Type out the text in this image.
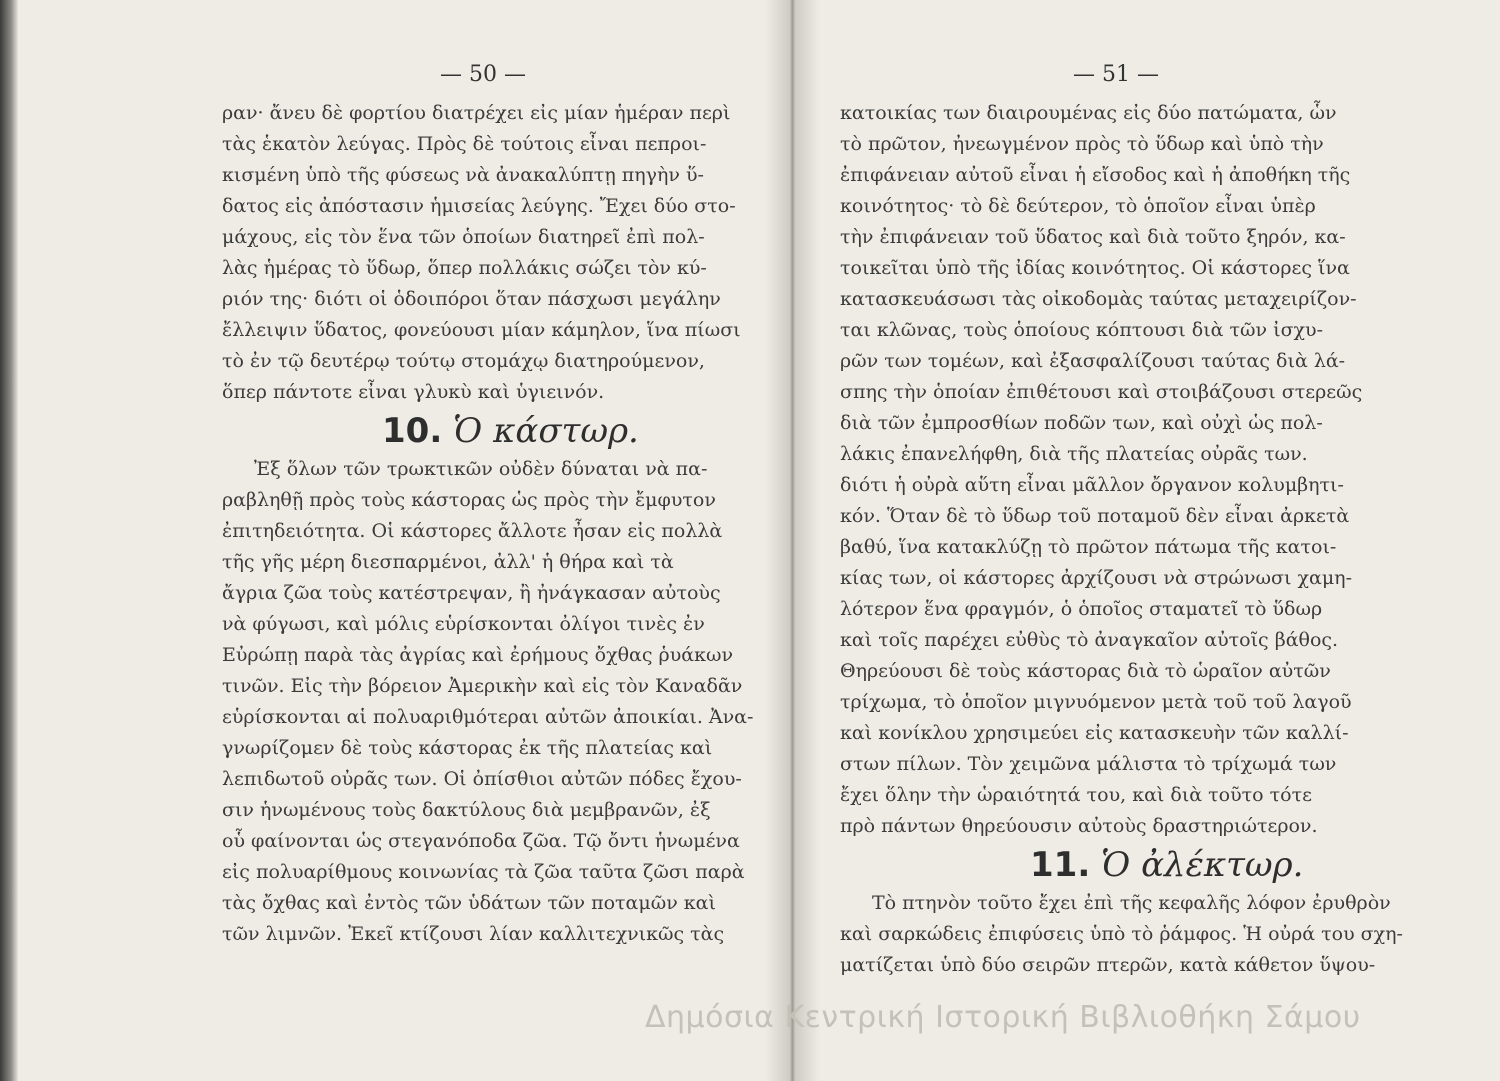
— 50 —
ραν· ἄνευ δὲ φορτίου διατρέχει εἰς μίαν ἡμέραν περὶ
τὰς ἑκατὸν λεύγας. Πρὸς δὲ τούτοις εἶναι πεπροι-
κισμένη ὑπὸ τῆς φύσεως νὰ ἀνακαλύπτῃ πηγὴν ὕ-
δατος εἰς ἀπόστασιν ἡμισείας λεύγης. Ἔχει δύο στο-
μάχους, εἰς τὸν ἕνα τῶν ὁποίων διατηρεῖ ἐπὶ πολ-
λὰς ἡμέρας τὸ ὕδωρ, ὅπερ πολλάκις σώζει τὸν κύ-
ριόν της· διότι οἱ ὁδοιπόροι ὅταν πάσχωσι μεγάλην
ἔλλειψιν ὕδατος, φονεύουσι μίαν κάμηλον, ἵνα πίωσι
τὸ ἐν τῷ δευτέρῳ τούτῳ στομάχῳ διατηρούμενον,
ὅπερ πάντοτε εἶναι γλυκὺ καὶ ὑγιεινόν.
10. Ὁ κάστωρ.
Ἐξ ὅλων τῶν τρωκτικῶν οὐδὲν δύναται νὰ πα-
ραβληθῇ πρὸς τοὺς κάστορας ὡς πρὸς τὴν ἔμφυτον
ἐπιτηδειότητα. Οἱ κάστορες ἄλλοτε ἦσαν εἰς πολλὰ
τῆς γῆς μέρη διεσπαρμένοι, ἀλλ' ἡ θήρα καὶ τὰ
ἄγρια ζῶα τοὺς κατέστρεψαν, ἢ ἠνάγκασαν αὐτοὺς
νὰ φύγωσι, καὶ μόλις εὑρίσκονται ὀλίγοι τινὲς ἐν
Εὐρώπῃ παρὰ τὰς ἀγρίας καὶ ἐρήμους ὄχθας ῥυάκων
τινῶν. Εἰς τὴν βόρειον Ἀμερικὴν καὶ εἰς τὸν Καναδᾶν
εὑρίσκονται αἱ πολυαριθμότεραι αὐτῶν ἀποικίαι. Ἀνα-
γνωρίζομεν δὲ τοὺς κάστορας ἐκ τῆς πλατείας καὶ
λεπιδωτοῦ οὐρᾶς των. Οἱ ὀπίσθιοι αὐτῶν πόδες ἔχου-
σιν ἡνωμένους τοὺς δακτύλους διὰ μεμβρανῶν, ἐξ
οὗ φαίνονται ὡς στεγανόποδα ζῶα. Τῷ ὄντι ἡνωμένα
εἰς πολυαρίθμους κοινωνίας τὰ ζῶα ταῦτα ζῶσι παρὰ
τὰς ὄχθας καὶ ἐντὸς τῶν ὑδάτων τῶν ποταμῶν καὶ
τῶν λιμνῶν. Ἐκεῖ κτίζουσι λίαν καλλιτεχνικῶς τὰς
— 51 —
κατοικίας των διαιρουμένας εἰς δύο πατώματα, ὧν
τὸ πρῶτον, ἠνεωγμένον πρὸς τὸ ὕδωρ καὶ ὑπὸ τὴν
ἐπιφάνειαν αὐτοῦ εἶναι ἡ εἴσοδος καὶ ἡ ἀποθήκη τῆς
κοινότητος· τὸ δὲ δεύτερον, τὸ ὁποῖον εἶναι ὑπὲρ
τὴν ἐπιφάνειαν τοῦ ὕδατος καὶ διὰ τοῦτο ξηρόν, κα-
τοικεῖται ὑπὸ τῆς ἰδίας κοινότητος. Οἱ κάστορες ἵνα
κατασκευάσωσι τὰς οἰκοδομὰς ταύτας μεταχειρίζον-
ται κλῶνας, τοὺς ὁποίους κόπτουσι διὰ τῶν ἰσχυ-
ρῶν των τομέων, καὶ ἐξασφαλίζουσι ταύτας διὰ λά-
σπης τὴν ὁποίαν ἐπιθέτουσι καὶ στοιβάζουσι στερεῶς
διὰ τῶν ἐμπροσθίων ποδῶν των, καὶ οὐχὶ ὡς πολ-
λάκις ἐπανελήφθη, διὰ τῆς πλατείας οὐρᾶς των.
διότι ἡ οὐρὰ αὕτη εἶναι μᾶλλον ὄργανον κολυμβητι-
κόν. Ὅταν δὲ τὸ ὕδωρ τοῦ ποταμοῦ δὲν εἶναι ἀρκετὰ
βαθύ, ἵνα κατακλύζῃ τὸ πρῶτον πάτωμα τῆς κατοι-
κίας των, οἱ κάστορες ἀρχίζουσι νὰ στρώνωσι χαμη-
λότερον ἕνα φραγμόν, ὁ ὁποῖος σταματεῖ τὸ ὕδωρ
καὶ τοῖς παρέχει εὐθὺς τὸ ἀναγκαῖον αὐτοῖς βάθος.
Θηρεύουσι δὲ τοὺς κάστορας διὰ τὸ ὡραῖον αὐτῶν
τρίχωμα, τὸ ὁποῖον μιγνυόμενον μετὰ τοῦ τοῦ λαγοῦ
καὶ κονίκλου χρησιμεύει εἰς κατασκευὴν τῶν καλλί-
στων πίλων. Τὸν χειμῶνα μάλιστα τὸ τρίχωμά των
ἔχει ὅλην τὴν ὡραιότητά του, καὶ διὰ τοῦτο τότε
πρὸ πάντων θηρεύουσιν αὐτοὺς δραστηριώτερον.
11. Ὁ ἀλέκτωρ.
Τὸ πτηνὸν τοῦτο ἔχει ἐπὶ τῆς κεφαλῆς λόφον ἐρυθρὸν
καὶ σαρκώδεις ἐπιφύσεις ὑπὸ τὸ ῥάμφος. Ἡ οὐρά του σχη-
ματίζεται ὑπὸ δύο σειρῶν πτερῶν, κατὰ κάθετον ὕψου-
Δημόσια Κεντρική Ιστορική Βιβλιοθήκη Σάμου
